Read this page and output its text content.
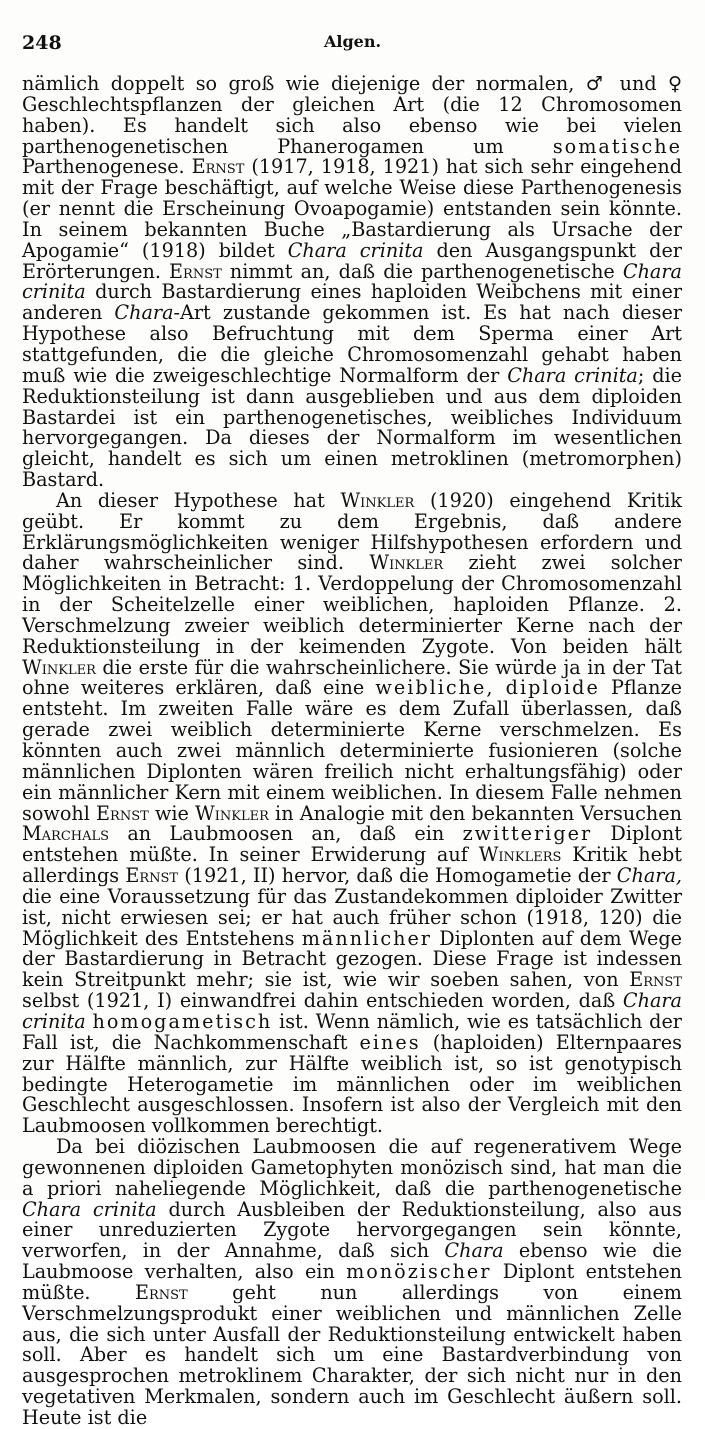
248	Algen.

nämlich doppelt so groß wie diejenige der normalen, ♂ und ♀ Geschlechtspflanzen der gleichen Art (die 12 Chromosomen haben). Es handelt sich also ebenso wie bei vielen parthenogenetischen Phanerogamen um somatische Parthenogenese. Ernst (1917, 1918, 1921) hat sich sehr eingehend mit der Frage beschäftigt, auf welche Weise diese Parthenogenesis (er nennt die Erscheinung Ovoapogamie) entstanden sein könnte. In seinem bekannten Buche „Bastardierung als Ursache der Apogamie“ (1918) bildet Chara crinita den Ausgangspunkt der Erörterungen. Ernst nimmt an, daß die parthenogenetische Chara crinita durch Bastardierung eines haploiden Weibchens mit einer anderen Chara-Art zustande gekommen ist. Es hat nach dieser Hypothese also Befruchtung mit dem Sperma einer Art stattgefunden, die die gleiche Chromosomenzahl gehabt haben muß wie die zweigeschlechtige Normalform der Chara crinita; die Reduktionsteilung ist dann ausgeblieben und aus dem diploiden Bastardei ist ein parthenogenetisches, weibliches Individuum hervorgegangen. Da dieses der Normalform im wesentlichen gleicht, handelt es sich um einen metroklinen (metromorphen) Bastard.

An dieser Hypothese hat Winkler (1920) eingehend Kritik geübt. Er kommt zu dem Ergebnis, daß andere Erklärungsmöglichkeiten weniger Hilfshypothesen erfordern und daher wahrscheinlicher sind. Winkler zieht zwei solcher Möglichkeiten in Betracht: 1. Verdoppelung der Chromosomenzahl in der Scheitelzelle einer weiblichen, haploiden Pflanze. 2. Verschmelzung zweier weiblich determinierter Kerne nach der Reduktionsteilung in der keimenden Zygote. Von beiden hält Winkler die erste für die wahrscheinlichere. Sie würde ja in der Tat ohne weiteres erklären, daß eine weibliche, diploide Pflanze entsteht. Im zweiten Falle wäre es dem Zufall überlassen, daß gerade zwei weiblich determinierte Kerne verschmelzen. Es könnten auch zwei männlich determinierte fusionieren (solche männlichen Diplonten wären freilich nicht erhaltungsfähig) oder ein männlicher Kern mit einem weiblichen. In diesem Falle nehmen sowohl Ernst wie Winkler in Analogie mit den bekannten Versuchen Marchals an Laubmoosen an, daß ein zwitteriger Diplont entstehen müßte. In seiner Erwiderung auf Winklers Kritik hebt allerdings Ernst (1921, II) hervor, daß die Homogametie der Chara, die eine Voraussetzung für das Zustandekommen diploider Zwitter ist, nicht erwiesen sei; er hat auch früher schon (1918, 120) die Möglichkeit des Entstehens männlicher Diplonten auf dem Wege der Bastardierung in Betracht gezogen. Diese Frage ist indessen kein Streitpunkt mehr; sie ist, wie wir soeben sahen, von Ernst selbst (1921, I) einwandfrei dahin entschieden worden, daß Chara crinita homogametisch ist. Wenn nämlich, wie es tatsächlich der Fall ist, die Nachkommenschaft eines (haploiden) Elternpaares zur Hälfte männlich, zur Hälfte weiblich ist, so ist genotypisch bedingte Heterogametie im männlichen oder im weiblichen Geschlecht ausgeschlossen. Insofern ist also der Vergleich mit den Laubmoosen vollkommen berechtigt.

Da bei diözischen Laubmoosen die auf regenerativem Wege gewonnenen diploiden Gametophyten monözisch sind, hat man die a priori naheliegende Möglichkeit, daß die parthenogenetische Chara crinita durch Ausbleiben der Reduktionsteilung, also aus einer unreduzierten Zygote hervorgegangen sein könnte, verworfen, in der Annahme, daß sich Chara ebenso wie die Laubmoose verhalten, also ein monözischer Diplont entstehen müßte. Ernst geht nun allerdings von einem Verschmelzungsprodukt einer weiblichen und männlichen Zelle aus, die sich unter Ausfall der Reduktionsteilung entwickelt haben soll. Aber es handelt sich um eine Bastardverbindung von ausgesprochen metroklinem Charakter, der sich nicht nur in den vegetativen Merkmalen, sondern auch im Geschlecht äußern soll. Heute ist die
